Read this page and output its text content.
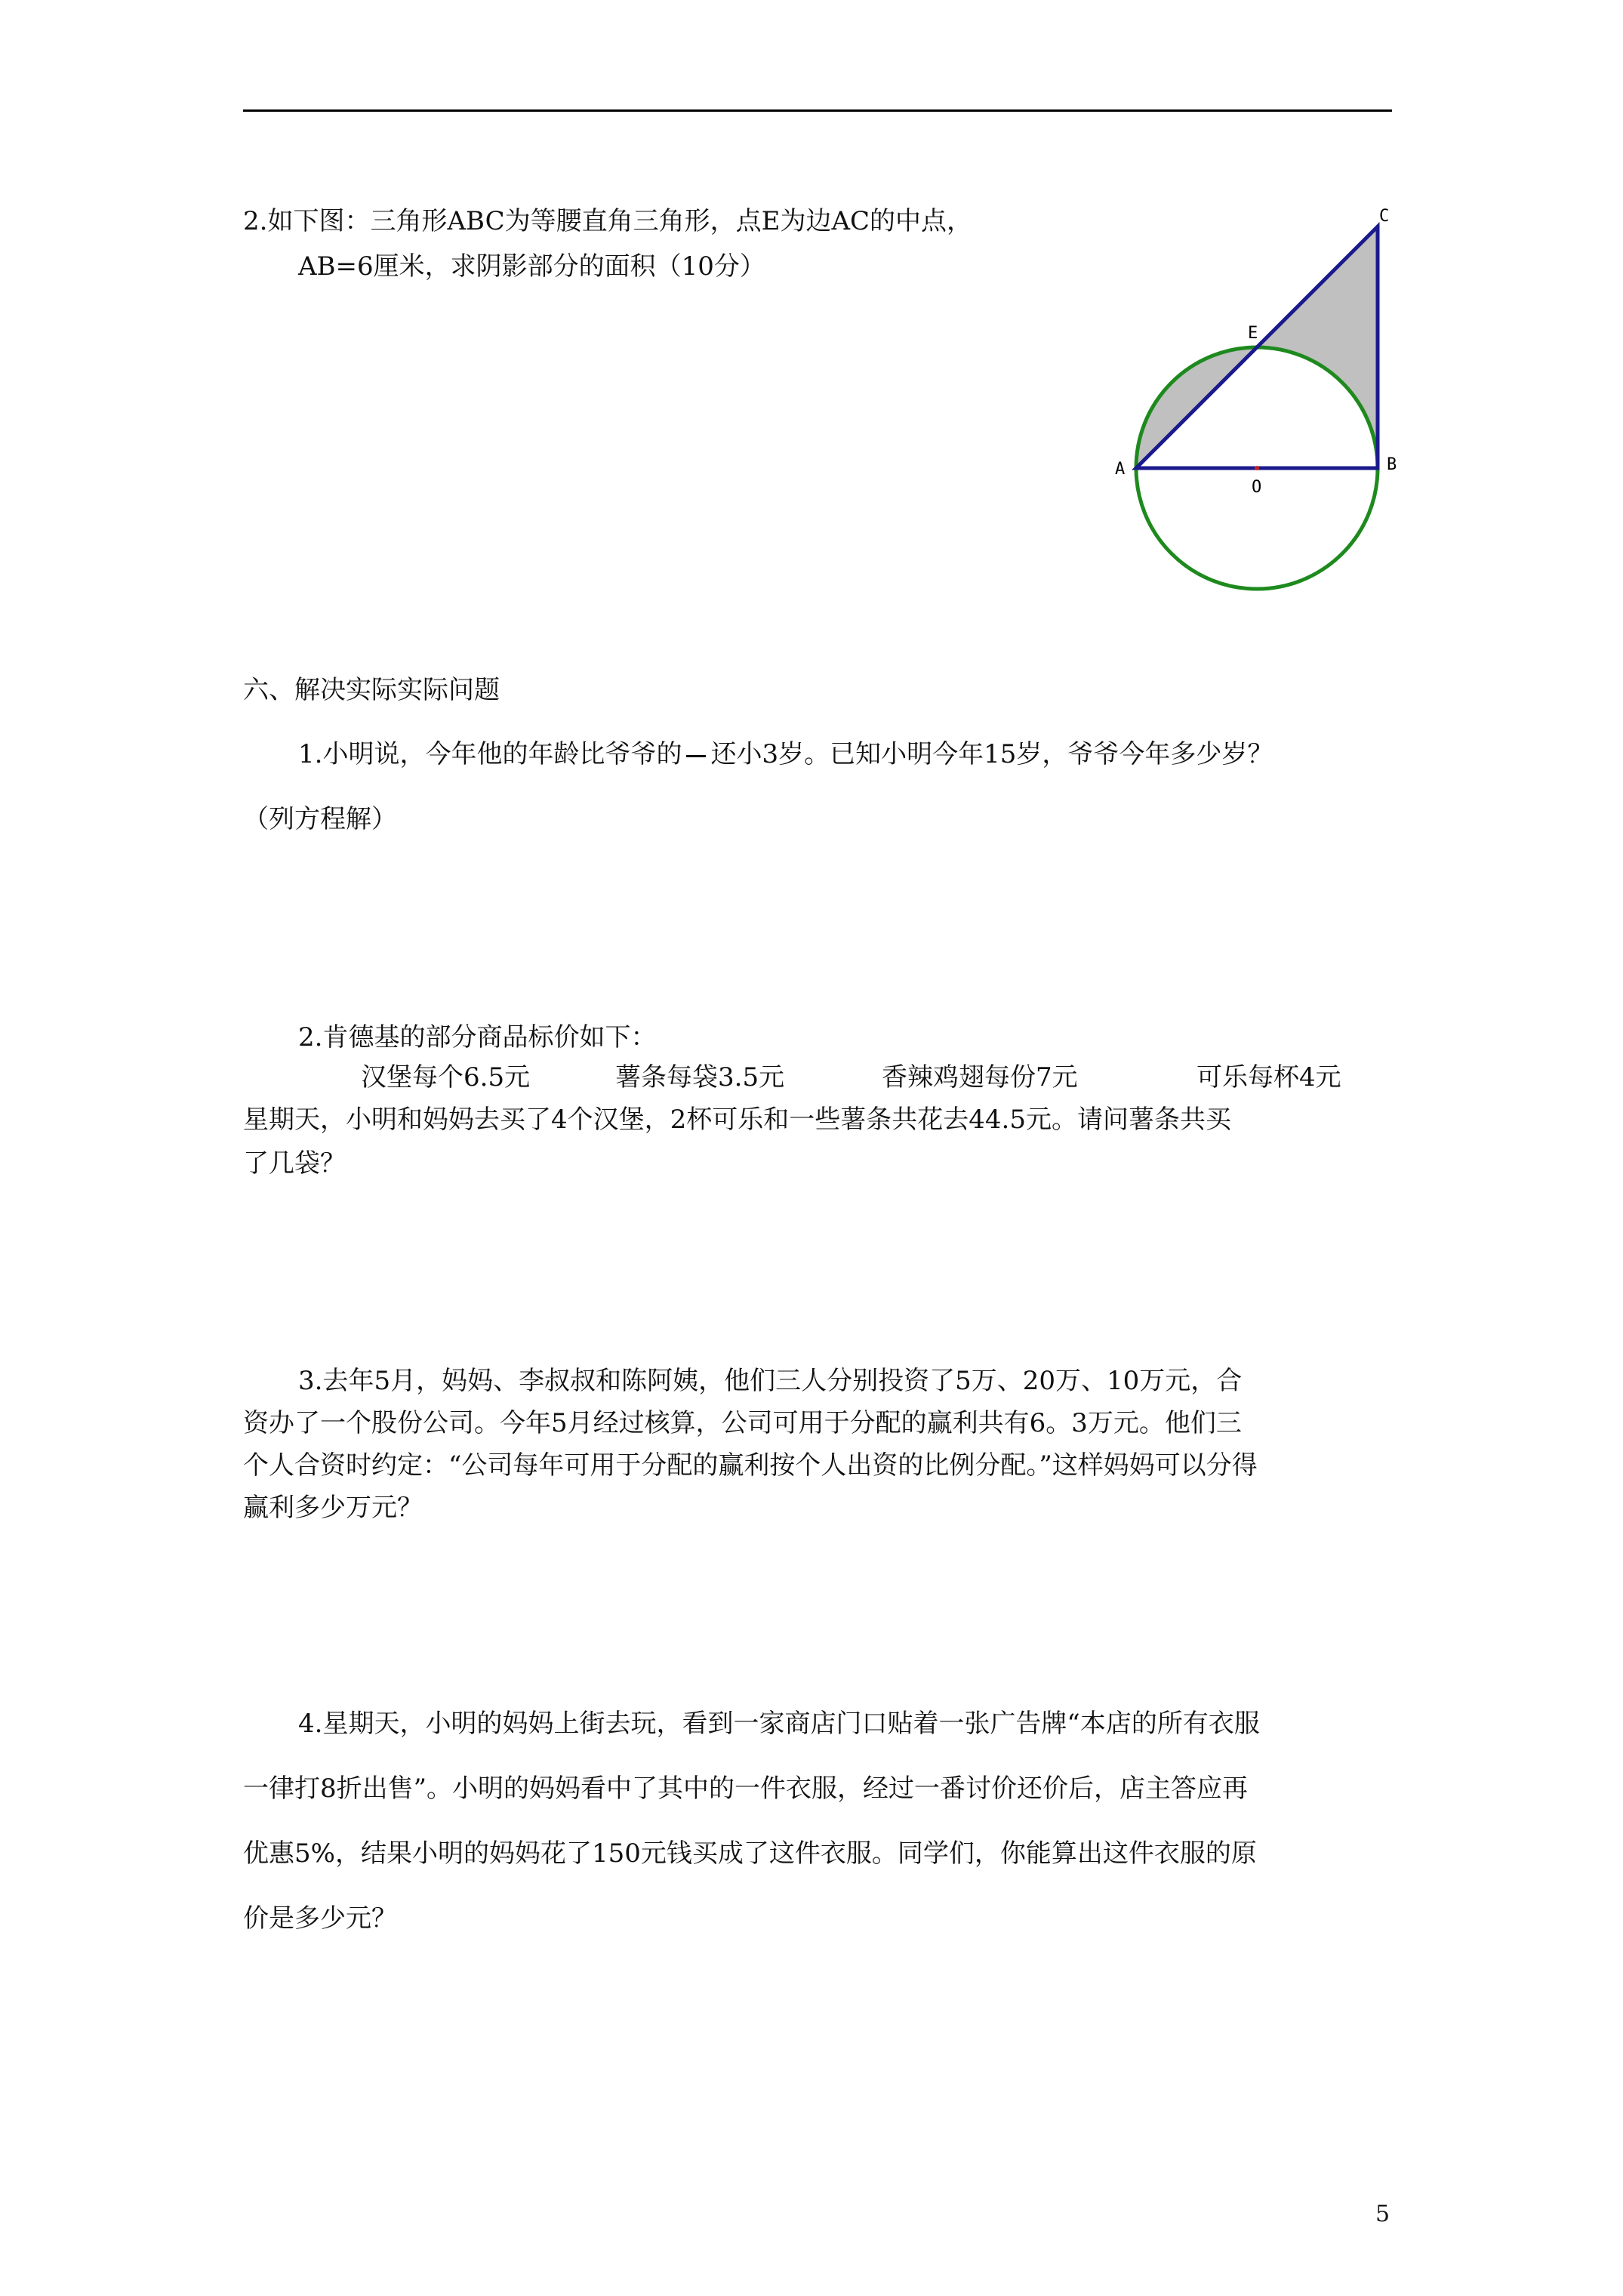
2.如下图：三角形ABC为等腰直角三角形，点E为边AC的中点，
AB=6厘米，求阴影部分的面积（10分）
A	B
C
E
O
六、解决实际实际问题
1.小明说，今年他的年龄比爷爷的 还小3岁。已知小明今年15岁，爷爷今年多少岁？
（列方程解）
2.肯德基的部分商品标价如下：
汉堡每个6.5元	薯条每袋3.5元	香辣鸡翅每份7元	可乐每杯4元
星期天，小明和妈妈去买了4个汉堡，2杯可乐和一些薯条共花去44.5元。请问薯条共买
了几袋？
3.去年5月，妈妈、李叔叔和陈阿姨，他们三人分别投资了5万、20万、10万元，合
资办了一个股份公司。今年5月经过核算，公司可用于分配的赢利共有6。3万元。他们三
个人合资时约定：“公司每年可用于分配的赢利按个人出资的比例分配。”这样妈妈可以分得
赢利多少万元？
4.星期天，小明的妈妈上街去玩，看到一家商店门口贴着一张广告牌“本店的所有衣服
一律打8折出售”。小明的妈妈看中了其中的一件衣服，经过一番讨价还价后，店主答应再
优惠5%，结果小明的妈妈花了150元钱买成了这件衣服。同学们，你能算出这件衣服的原
价是多少元？
5
